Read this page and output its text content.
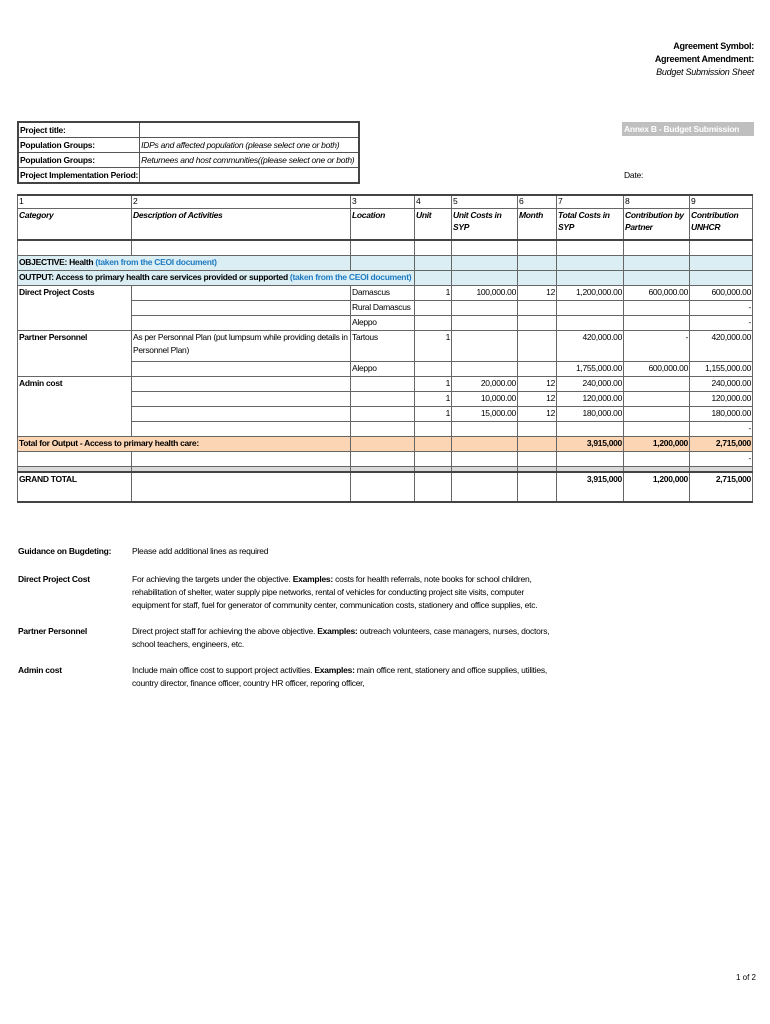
Agreement Symbol:
Agreement Amendment:
Budget Submission Sheet
Project title:	
Population Groups:	IDPs and affected population (please select one or both)
Population Groups:	Returnees and host communities((please select one or both)
Project Implementation Period:	
Annex B - Budget Submission
Date:
1	2	3	4	5	6	7	8	9
Category	Description of Activities	Location	Unit	Unit Costs in SYP	Month	Total Costs in SYP	Contribution by Partner	Contribution UNHCR

OBJECTIVE: Health (taken from the CEOI document)								
OUTPUT: Access to primary health care services provided or supported (taken from the CEOI document)								
Direct Project Costs		Damascus	1	100,000.00	12	1,200,000.00	600,000.00	600,000.00
		Rural Damascus						-
		Aleppo						-
Partner Personnel	As per Personnal Plan (put lumpsum while providing details in Personnel Plan)	Tartous	1			420,000.00	-	420,000.00
		Aleppo				1,755,000.00	600,000.00	1,155,000.00
Admin cost			1	20,000.00	12	240,000.00		240,000.00
			1	10,000.00	12	120,000.00		120,000.00
			1	15,000.00	12	180,000.00		180,000.00
								-
Total for Output - Access to primary health care:						3,915,000	1,200,000	2,715,000
								-

GRAND TOTAL						3,915,000	1,200,000	2,715,000
Guidance on Bugdeting:	Please add additional lines as required
Direct Project Cost	For achieving the targets under the objective. Examples: costs for health referrals, note books for school children, rehabilitation of shelter, water supply pipe networks, rental of vehicles for conducting project site visits, computer equipment for staff, fuel for generator of community center, communication costs, stationery and office supplies, etc.
Partner Personnel	Direct project staff for achieving the above objective. Examples: outreach volunteers, case managers, nurses, doctors, school teachers, engineers, etc.
Admin cost	Include main office cost to support project activities. Examples: main office rent, stationery and office supplies, utilities, country director, finance officer, country HR officer, reporing officer,
1 of 2
